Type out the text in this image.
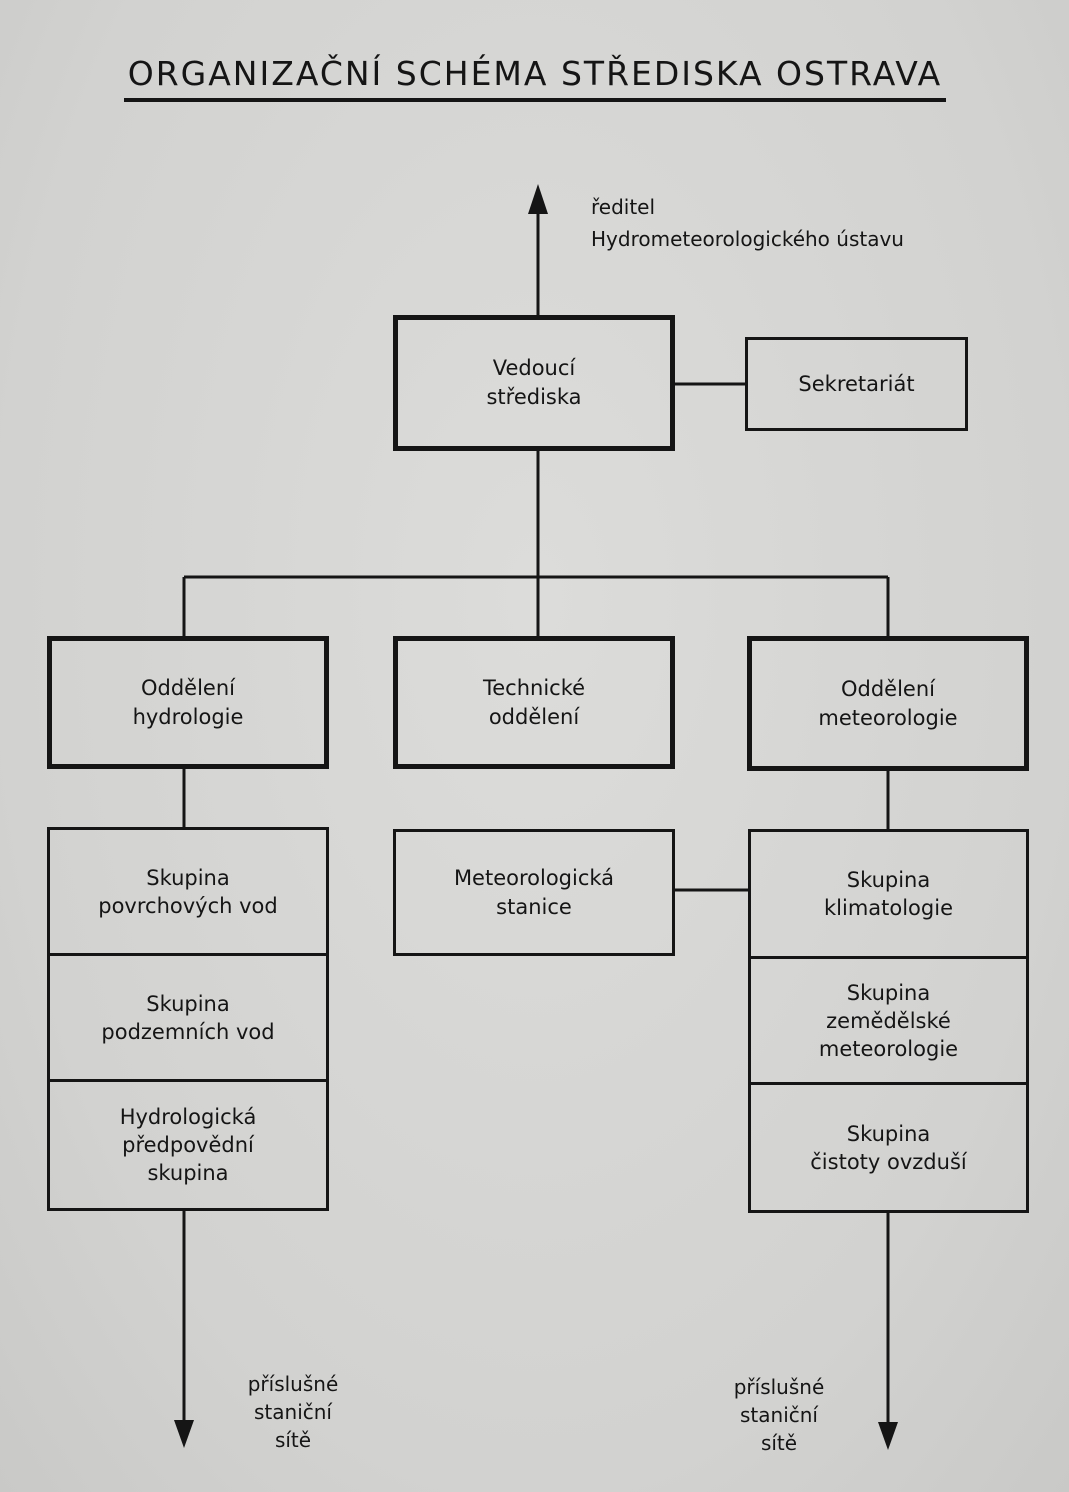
ORGANIZAČNÍ SCHÉMA STŘEDISKA OSTRAVA
ředitel
Hydrometeorologického ústavu
Vedoucí
střediska
Sekretariát
Oddělení
hydrologie
Technické
oddělení
Oddělení
meteorologie
Skupina
povrchových vod
Skupina
podzemních vod
Hydrologická
předpovědní
skupina
Meteorologická
stanice
Skupina
klimatologie
Skupina
zemědělské
meteorologie
Skupina
čistoty ovzduší
příslušné
staniční
sítě
příslušné
staniční
sítě
